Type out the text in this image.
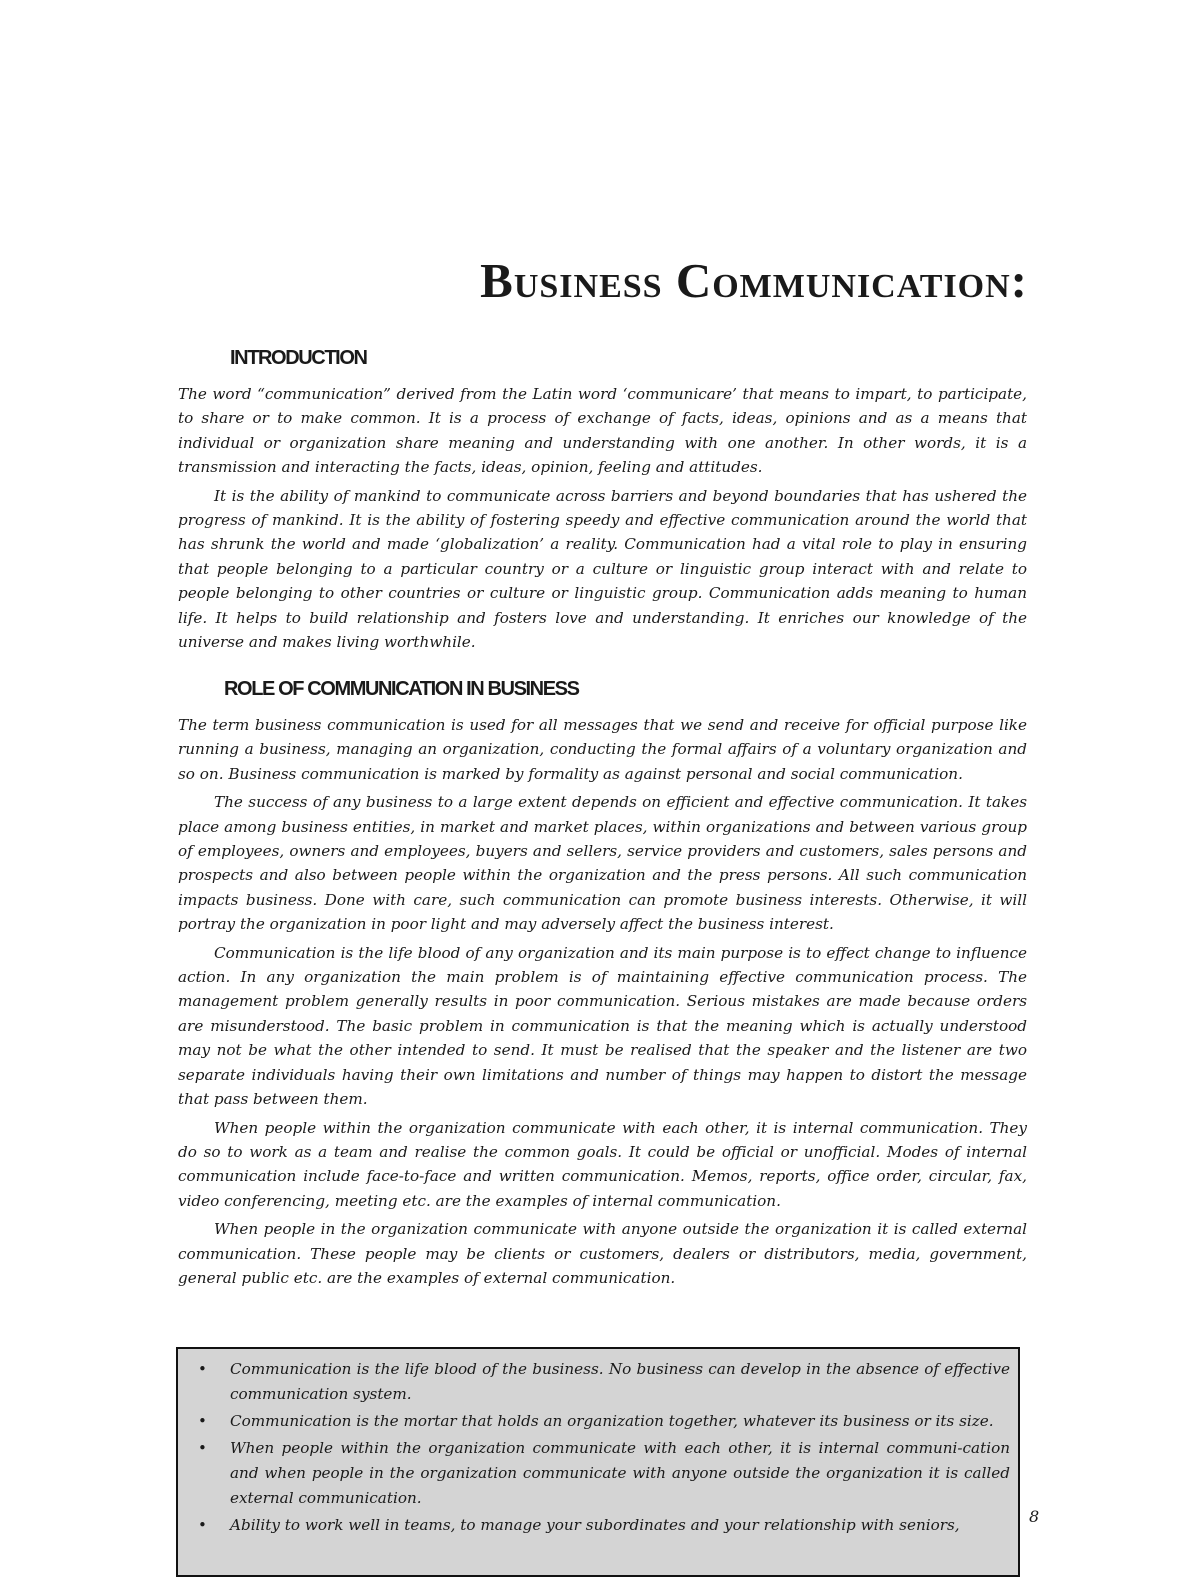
Business Communication:
INTRODUCTION

The word “communication” derived from the Latin word ‘communicare’ that means to impart, to participate, to share or to make common. It is a process of exchange of facts, ideas, opinions and as a means that individual or organization share meaning and understanding with one another. In other words, it is a transmission and interacting the facts, ideas, opinion, feeling and attitudes.

It is the ability of mankind to communicate across barriers and beyond boundaries that has ushered the progress of mankind. It is the ability of fostering speedy and effective communication around the world that has shrunk the world and made ‘globalization’ a reality. Communication had a vital role to play in ensuring that people belonging to a particular country or a culture or linguistic group interact with and relate to people belonging to other countries or culture or linguistic group. Communication adds meaning to human life. It helps to build relationship and fosters love and understanding. It enriches our knowledge of the universe and makes living worthwhile.

ROLE OF COMMUNICATION IN BUSINESS

The term business communication is used for all messages that we send and receive for official purpose like running a business, managing an organization, conducting the formal affairs of a voluntary organization and so on. Business communication is marked by formality as against personal and social communication.

The success of any business to a large extent depends on efficient and effective communication. It takes place among business entities, in market and market places, within organizations and between various group of employees, owners and employees, buyers and sellers, service providers and customers, sales persons and prospects and also between people within the organization and the press persons. All such communication impacts business. Done with care, such communication can promote business interests. Otherwise, it will portray the organization in poor light and may adversely affect the business interest.

Communication is the life blood of any organization and its main purpose is to effect change to influence action. In any organization the main problem is of maintaining effective communication process. The management problem generally results in poor communication. Serious mistakes are made because orders are misunderstood. The basic problem in communication is that the meaning which is actually understood may not be what the other intended to send. It must be realised that the speaker and the listener are two separate individuals having their own limitations and number of things may happen to distort the message that pass between them.

When people within the organization communicate with each other, it is internal communication. They do so to work as a team and realise the common goals. It could be official or unofficial. Modes of internal communication include face-to-face and written communication. Memos, reports, office order, circular, fax, video conferencing, meeting etc. are the examples of internal communication.

When people in the organization communicate with anyone outside the organization it is called external communication. These people may be clients or customers, dealers or distributors, media, government, general public etc. are the examples of external communication.

• Communication is the life blood of the business. No business can develop in the absence of effective communication system.
• Communication is the mortar that holds an organization together, whatever its business or its size.
• When people within the organization communicate with each other, it is internal communi-cation and when people in the organization communicate with anyone outside the organization it is called external communication.
• Ability to work well in teams, to manage your subordinates and your relationship with seniors,	8
